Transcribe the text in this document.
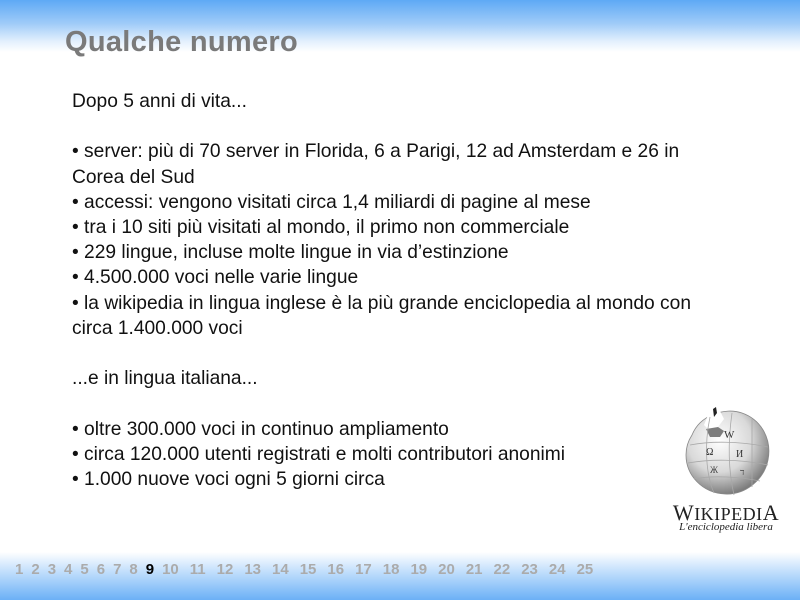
Qualche numero

Dopo 5 anni di vita...

• server: più di 70 server in Florida, 6 a Parigi, 12 ad Amsterdam e 26 in Corea del Sud

• accessi: vengono visitati circa 1,4 miliardi di pagine al mese

• tra i 10 siti più visitati al mondo, il primo non commerciale

• 229 lingue, incluse molte lingue in via d’estinzione

• 4.500.000 voci nelle varie lingue

• la wikipedia in lingua inglese è la più grande enciclopedia al mondo con circa 1.400.000 voci

...e in lingua italiana...

• oltre 300.000 voci in continuo ampliamento

• circa 120.000 utenti registrati e molti contributori anonimi

• 1.000 nuove voci ogni 5 giorni circa

W
Ω И
Ж ד
WIKIPEDIA
L'enciclopedia libera
1 2 3 4 5 6 7 8 9 10 11 12 13 14 15 16 17 18 19 20 21 22 23 24 25
